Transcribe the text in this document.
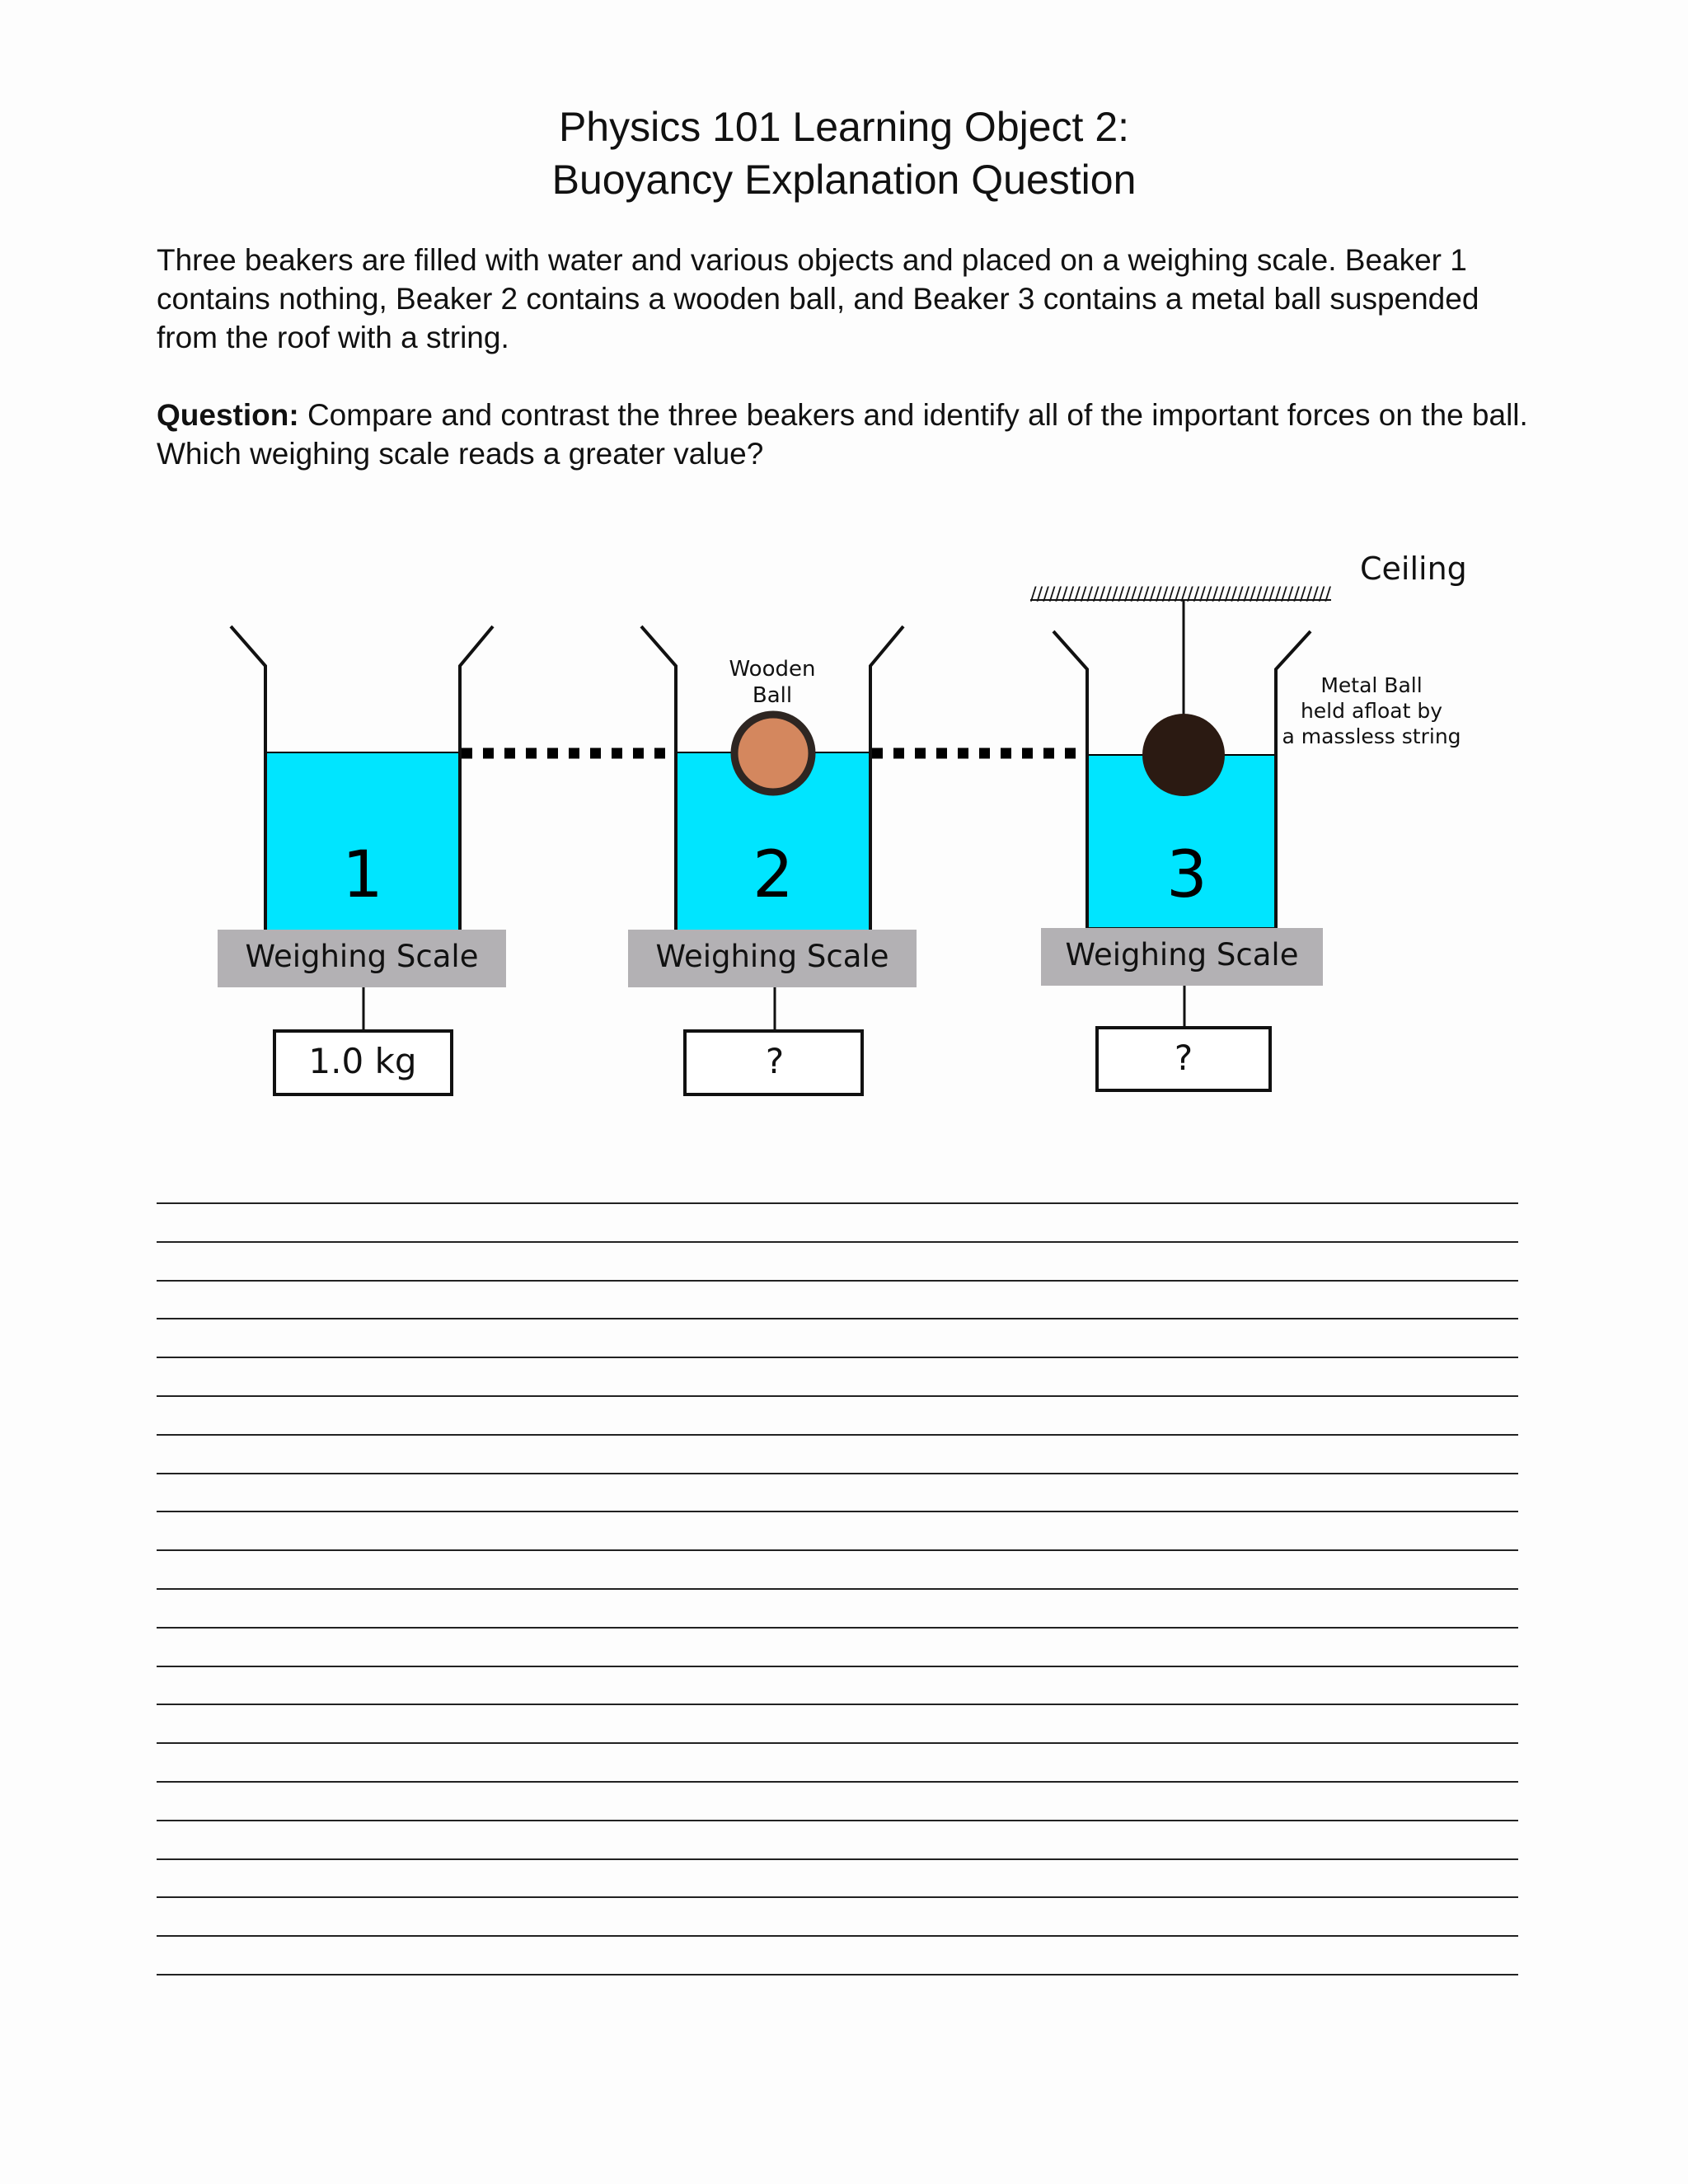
Physics 101 Learning Object 2:
Buoyancy Explanation Question

Three beakers are filled with water and various objects and placed on a weighing scale. Beaker 1 contains nothing, Beaker 2 contains a wooden ball, and Beaker 3 contains a metal ball suspended from the roof with a string.

Question: Compare and contrast the three beakers and identify all of the important forces on the ball. Which weighing scale reads a greater value?

Ceiling
////////////////////////////////////////////////
1
Weighing Scale
1.0 kg
Wooden
Ball
2
Weighing Scale
?
Metal Ball
held afloat by
a massless string
3
Weighing Scale
?
